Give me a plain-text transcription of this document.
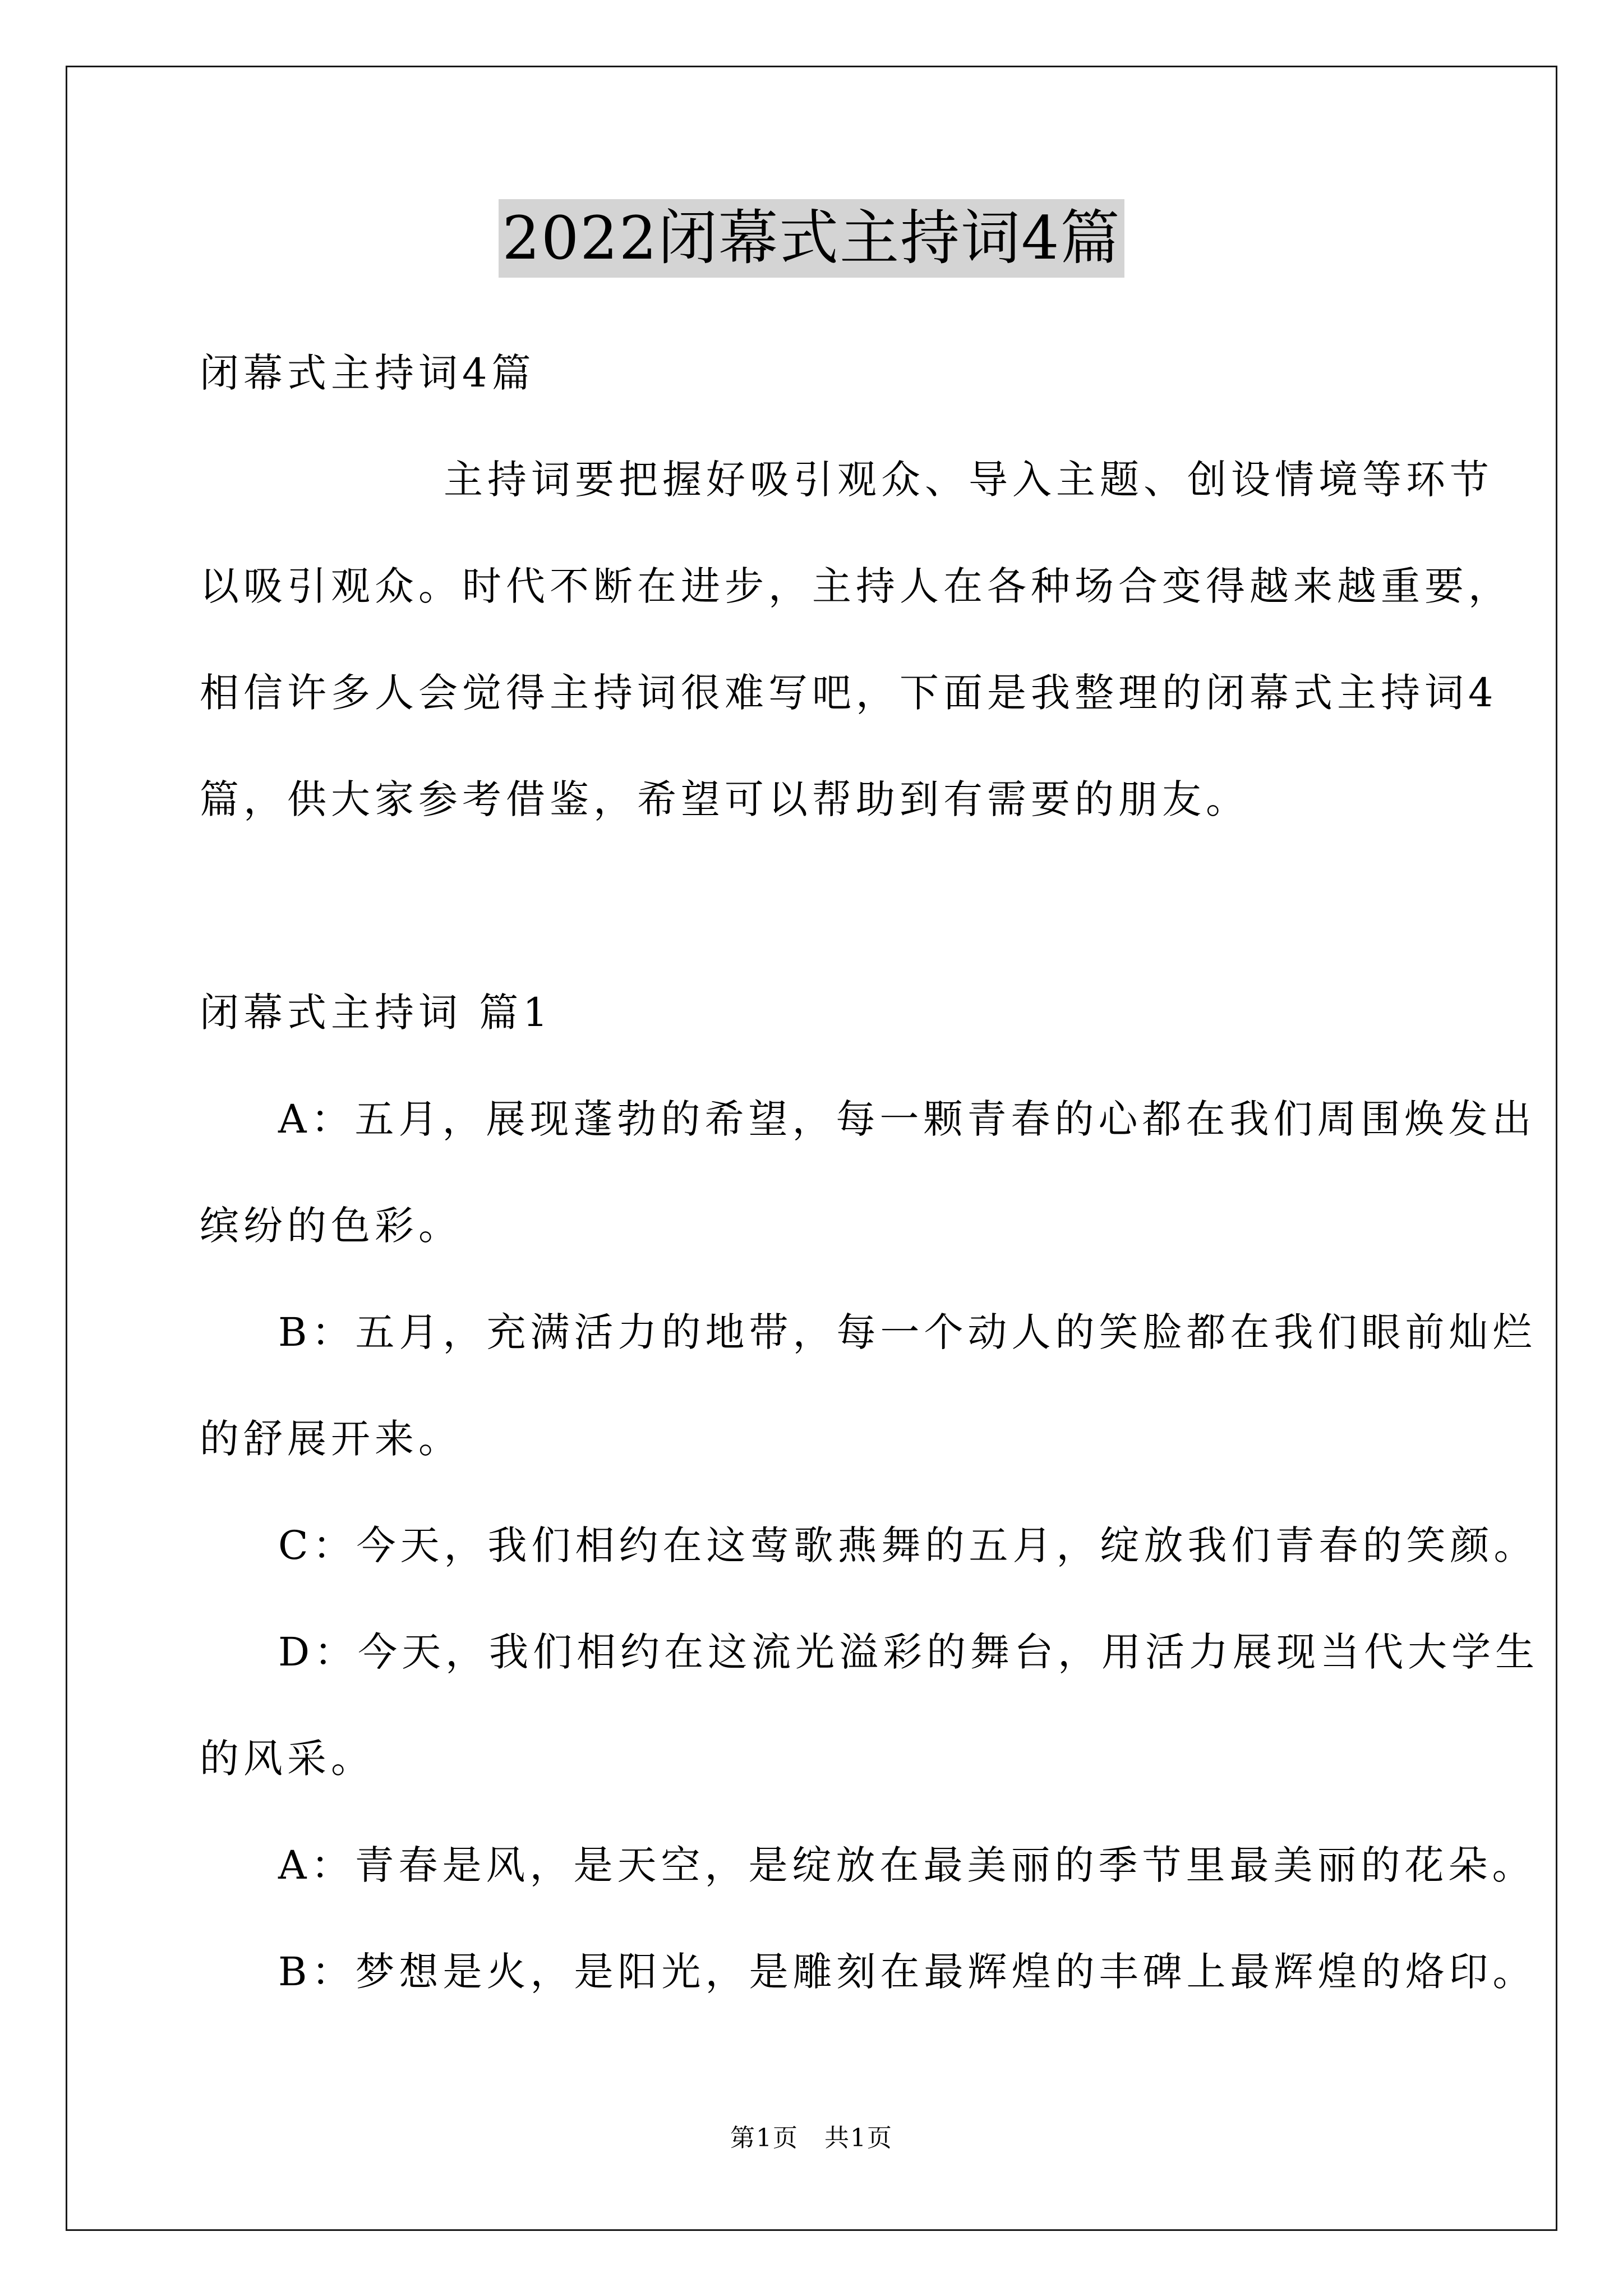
2022闭幕式主持词4篇
闭幕式主持词4篇
主持词要把握好吸引观众、导入主题、创设情境等环节
以吸引观众。时代不断在进步，主持人在各种场合变得越来越重要，
相信许多人会觉得主持词很难写吧，下面是我整理的闭幕式主持词4
篇，供大家参考借鉴，希望可以帮助到有需要的朋友。
闭幕式主持词 篇1
A：五月，展现蓬勃的希望，每一颗青春的心都在我们周围焕发出
缤纷的色彩。
B：五月，充满活力的地带，每一个动人的笑脸都在我们眼前灿烂
的舒展开来。
C：今天，我们相约在这莺歌燕舞的五月，绽放我们青春的笑颜。
D：今天，我们相约在这流光溢彩的舞台，用活力展现当代大学生
的风采。
A：青春是风，是天空，是绽放在最美丽的季节里最美丽的花朵。
B：梦想是火，是阳光，是雕刻在最辉煌的丰碑上最辉煌的烙印。
第1页　共1页
